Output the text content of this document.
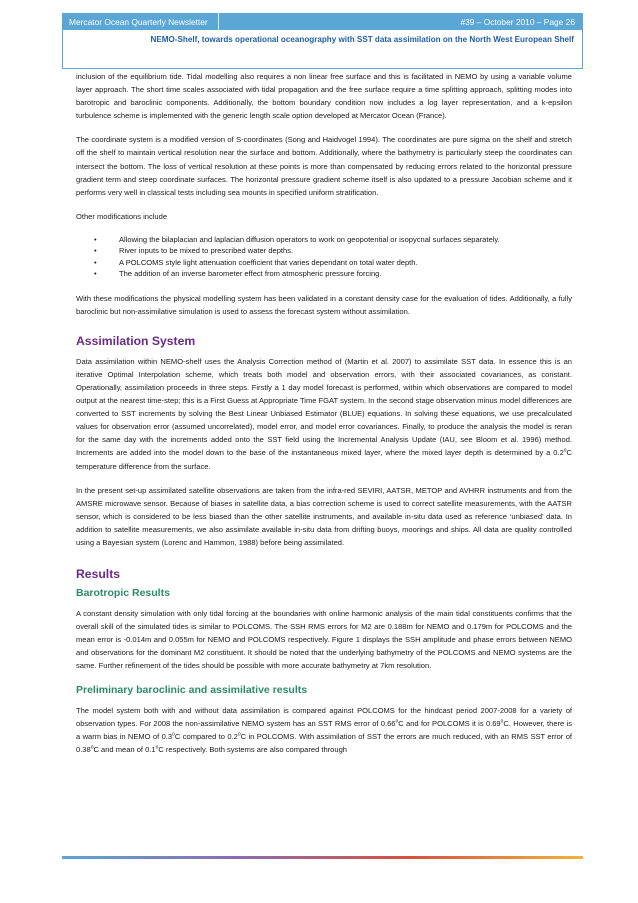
Mercator Ocean Quarterly Newsletter	#39 – October 2010 – Page 26
NEMO-Shelf, towards operational oceanography with SST data assimilation on the North West European Shelf

inclusion of the equilibrium tide. Tidal modelling also requires a non linear free surface and this is facilitated in NEMO by using a variable volume layer approach. The short time scales associated with tidal propagation and the free surface require a time splitting approach, splitting modes into barotropic and baroclinic components. Additionally, the bottom boundary condition now includes a log layer representation, and a k-epsilon turbulence scheme is implemented with the generic length scale option developed at Mercator Ocean (France).

The coordinate system is a modified version of S-coordinates (Song and Haidvogel 1994). The coordinates are pure sigma on the shelf and stretch off the shelf to maintain vertical resolution near the surface and bottom. Additionally, where the bathymetry is particularly steep the coordinates can intersect the bottom. The loss of vertical resolution at these points is more than compensated by reducing errors related to the horizontal pressure gradient term and steep coordinate surfaces. The horizontal pressure gradient scheme itself is also updated to a pressure Jacobian scheme and it performs very well in classical tests including sea mounts in specified uniform stratification.

Other modifications include

• Allowing the bilaplacian and laplacian diffusion operators to work on geopotential or isopycnal surfaces separately.
• River inputs to be mixed to prescribed water depths.
• A POLCOMS style light attenuation coefficient that varies dependant on total water depth.
• The addition of an inverse barometer effect from atmospheric pressure forcing.

With these modifications the physical modelling system has been validated in a constant density case for the evaluation of tides. Additionally, a fully baroclinic but non-assimilative simulation is used to assess the forecast system without assimilation.

Assimilation System

Data assimilation within NEMO-shelf uses the Analysis Correction method of (Martin et al. 2007) to assimilate SST data. In essence this is an iterative Optimal Interpolation scheme, which treats both model and observation errors, with their associated covariances, as constant. Operationally, assimilation proceeds in three steps. Firstly a 1 day model forecast is performed, within which observations are compared to model output at the nearest time-step; this is a First Guess at Appropriate Time FGAT system. In the second stage observation minus model differences are converted to SST increments by solving the Best Linear Unbiased Estimator (BLUE) equations. In solving these equations, we use precalculated values for observation error (assumed uncorrelated), model error, and model error covariances. Finally, to produce the analysis the model is reran for the same day with the increments added onto the SST field using the Incremental Analysis Update (IAU, see Bloom et al. 1996) method. Increments are added into the model down to the base of the instantaneous mixed layer, where the mixed layer depth is determined by a 0.2$^o$C temperature difference from the surface.

In the present set-up assimilated satellite observations are taken from the infra-red SEVIRI, AATSR, METOP and AVHRR instruments and from the AMSRE microwave sensor. Because of biases in satellite data, a bias correction scheme is used to correct satellite measurements, with the AATSR sensor, which is considered to be less biased than the other satellite instruments, and available in-situ data used as reference ‘unbiased’ data. In addition to satellite measurements, we also assimilate available in-situ data from drifting buoys, moorings and ships. All data are quality controlled using a Bayesian system (Lorenc and Hammon, 1988) before being assimilated.

Results
Barotropic Results

A constant density simulation with only tidal forcing at the boundaries with online harmonic analysis of the main tidal constituents confirms that the overall skill of the simulated tides is similar to POLCOMS. The SSH RMS errors for M2 are 0.188m for NEMO and 0.179m for POLCOMS and the mean error is -0.014m and 0.055m for NEMO and POLCOMS respectively. Figure 1 displays the SSH amplitude and phase errors between NEMO and observations for the dominant M2 constituent. It should be noted that the underlying bathymetry of the POLCOMS and NEMO systems are the same. Further refinement of the tides should be possible with more accurate bathymetry at 7km resolution.

Preliminary baroclinic and assimilative results

The model system both with and without data assimilation is compared against POLCOMS for the hindcast period 2007-2008 for a variety of observation types. For 2008 the non-assimilative NEMO system has an SST RMS error of 0.66$^o$C and for POLCOMS it is 0.69$^o$C. However, there is a warm bias in NEMO of 0.3$^o$C compared to 0.2$^o$C in POLCOMS. With assimilation of SST the errors are much reduced, with an RMS SST error of 0.38$^o$C and mean of 0.1$^o$C respectively. Both systems are also compared through
